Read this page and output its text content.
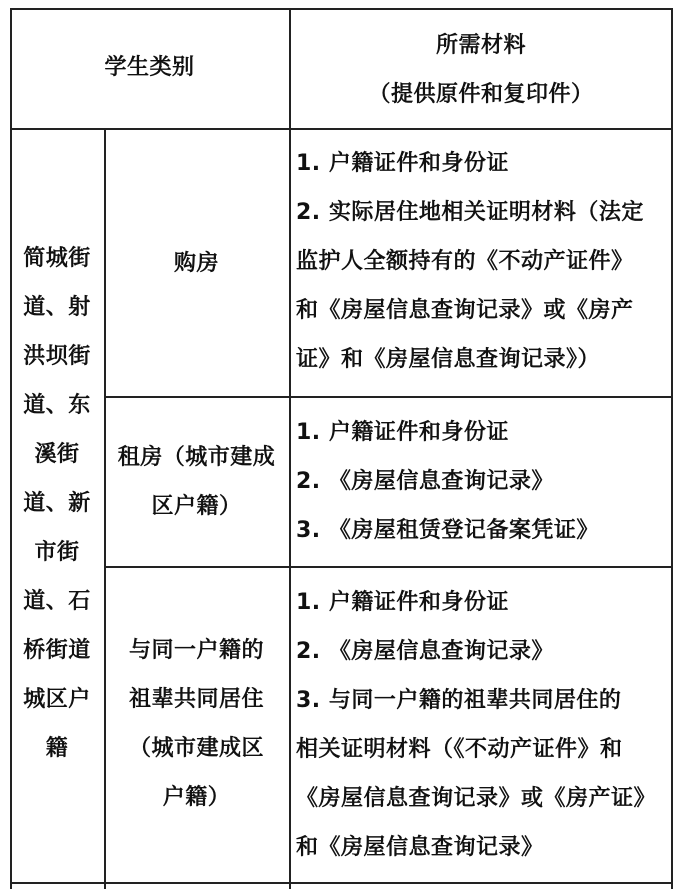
学生类别
所需材料
（提供原件和复印件）
简城街
道、射
洪坝街
道、东
溪街
道、新
市街
道、石
桥街道
城区户
籍
购房
1. 户籍证件和身份证
2. 实际居住地相关证明材料（法定
监护人全额持有的《不动产证件》
和《房屋信息查询记录》或《房产
证》和《房屋信息查询记录》）
租房（城市建成
区户籍）
1. 户籍证件和身份证
2. 《房屋信息查询记录》
3. 《房屋租赁登记备案凭证》
与同一户籍的
祖辈共同居住
（城市建成区
户籍）
1. 户籍证件和身份证
2. 《房屋信息查询记录》
3. 与同一户籍的祖辈共同居住的
相关证明材料（《不动产证件》和
《房屋信息查询记录》或《房产证》
和《房屋信息查询记录》
